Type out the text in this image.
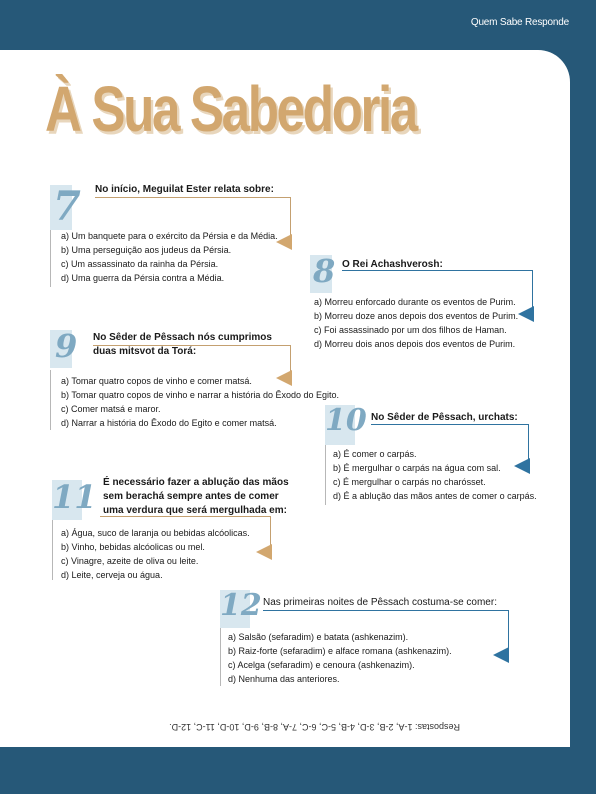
Quem Sabe Responde
À Sua Sabedoria
7 No início, Meguilat Ester relata sobre:
a) Um banquete para o exército da Pérsia e da Média.
b) Uma perseguição aos judeus da Pérsia.
c) Um assassinato da rainha da Pérsia.
d) Uma guerra da Pérsia contra a Média.	8 O Rei Achashverosh:
a) Morreu enforcado durante os eventos de Purim.
b) Morreu doze anos depois dos eventos de Purim.
c) Foi assassinado por um dos filhos de Haman.
d) Morreu dois anos depois dos eventos de Purim.
9 No Sêder de Pêssach nós cumprimos
duas mitsvot da Torá:
a) Tomar quatro copos de vinho e comer matsá.
b) Tomar quatro copos de vinho e narrar a história do Êxodo do Egito.
c) Comer matsá e maror.
d) Narrar a história do Êxodo do Egito e comer matsá.	10 No Sêder de Pêssach, urchats:
a) É comer o carpás.
b) É mergulhar o carpás na água com sal.
c) É mergulhar o carpás no charósset.
d) É a ablução das mãos antes de comer o carpás.
11 É necessário fazer a ablução das mãos
sem berachá sempre antes de comer
uma verdura que será mergulhada em:
a) Água, suco de laranja ou bebidas alcóolicas.
b) Vinho, bebidas alcóolicas ou mel.
c) Vinagre, azeite de oliva ou leite.
d) Leite, cerveja ou água.
12 Nas primeiras noites de Pêssach costuma-se comer:
a) Salsão (sefaradim) e batata (ashkenazim).
b) Raiz-forte (sefaradim) e alface romana (ashkenazim).
c) Acelga (sefaradim) e cenoura (ashkenazim).
d) Nenhuma das anteriores.
Respostas: 1-A, 2-B, 3-D, 4-B, 5-C, 6-C, 7-A, 8-B, 9-D, 10-D, 11-C, 12-D.
